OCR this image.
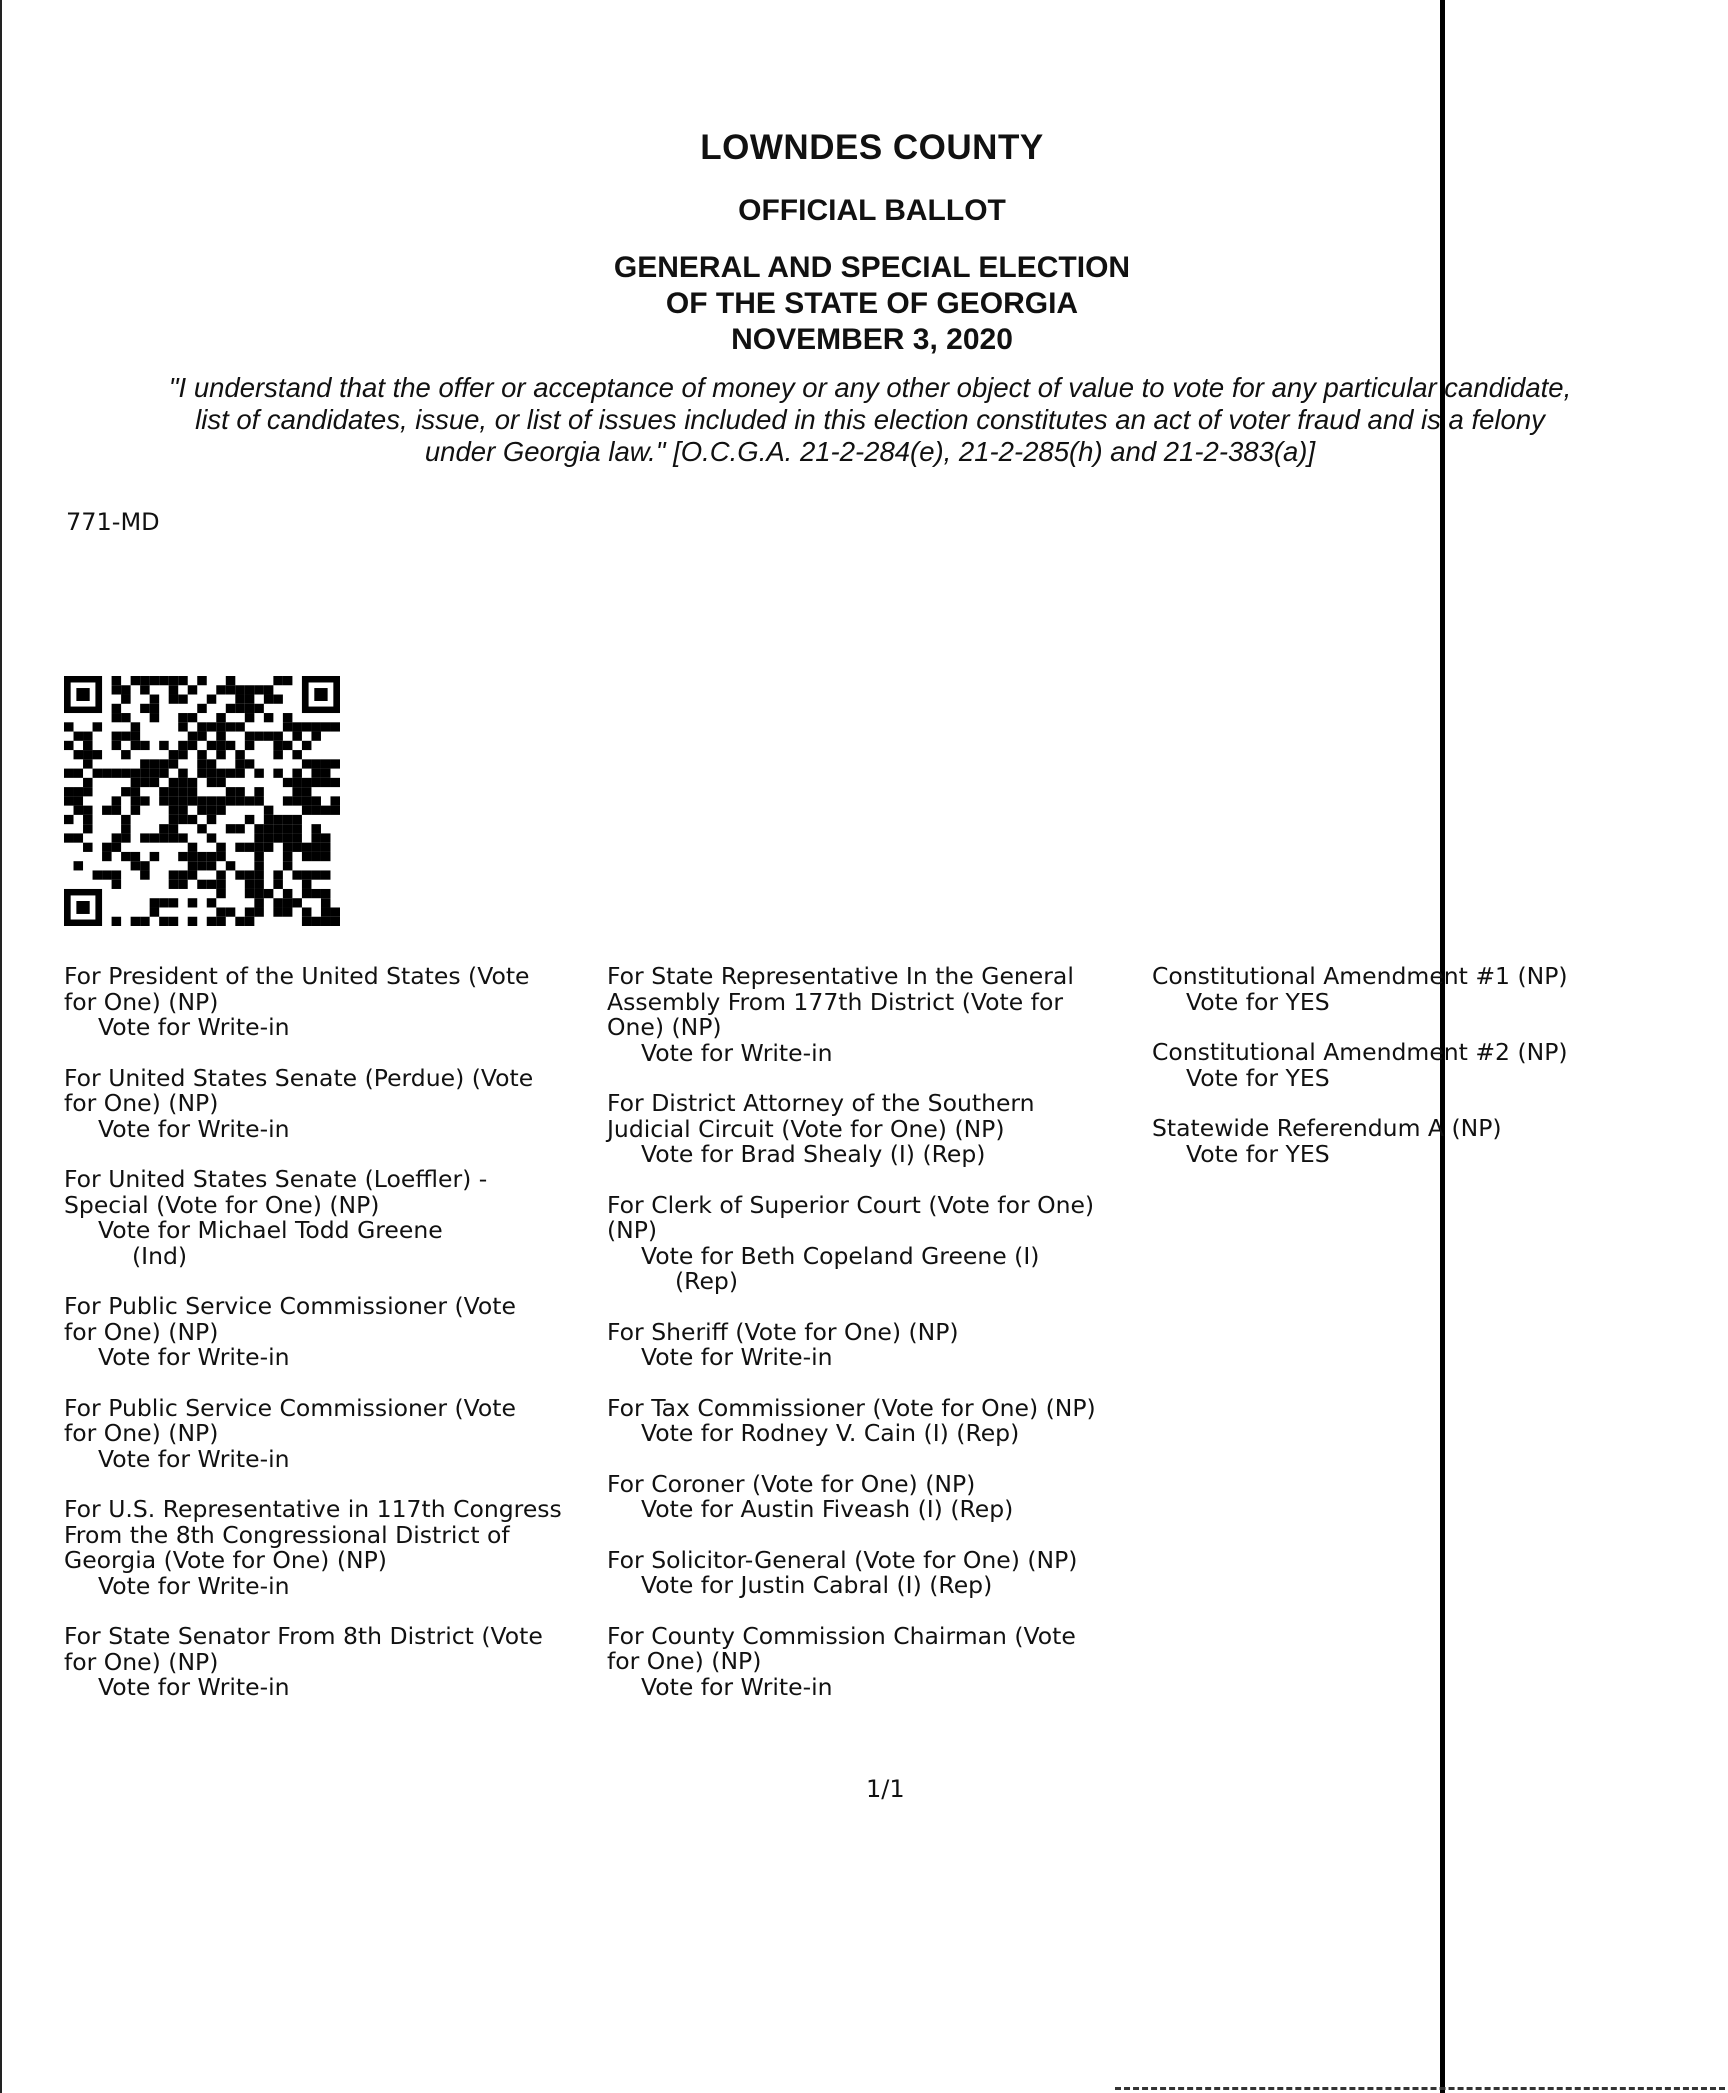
LOWNDES COUNTY
OFFICIAL BALLOT
GENERAL AND SPECIAL ELECTION
OF THE STATE OF GEORGIA
NOVEMBER 3, 2020
"I understand that the offer or acceptance of money or any other object of value to vote for any particular candidate,
list of candidates, issue, or list of issues included in this election constitutes an act of voter fraud and is a felony
under Georgia law." [O.C.G.A. 21-2-284(e), 21-2-285(h) and 21-2-383(a)]
771-MD
For President of the United States (Vote
for One) (NP)
Vote for Write-in
For United States Senate (Perdue) (Vote
for One) (NP)
Vote for Write-in
For United States Senate (Loeffler) -
Special (Vote for One) (NP)
Vote for Michael Todd Greene
(Ind)
For Public Service Commissioner (Vote
for One) (NP)
Vote for Write-in
For Public Service Commissioner (Vote
for One) (NP)
Vote for Write-in
For U.S. Representative in 117th Congress
From the 8th Congressional District of
Georgia (Vote for One) (NP)
Vote for Write-in
For State Senator From 8th District (Vote
for One) (NP)
Vote for Write-in
For State Representative In the General
Assembly From 177th District (Vote for
One) (NP)
Vote for Write-in
For District Attorney of the Southern
Judicial Circuit (Vote for One) (NP)
Vote for Brad Shealy (I) (Rep)
For Clerk of Superior Court (Vote for One)
(NP)
Vote for Beth Copeland Greene (I)
(Rep)
For Sheriff (Vote for One) (NP)
Vote for Write-in
For Tax Commissioner (Vote for One) (NP)
Vote for Rodney V. Cain (I) (Rep)
For Coroner (Vote for One) (NP)
Vote for Austin Fiveash (I) (Rep)
For Solicitor-General (Vote for One) (NP)
Vote for Justin Cabral (I) (Rep)
For County Commission Chairman (Vote
for One) (NP)
Vote for Write-in
Constitutional Amendment #1 (NP)
Vote for YES
Constitutional Amendment #2 (NP)
Vote for YES
Statewide Referendum A (NP)
Vote for YES
1/1
